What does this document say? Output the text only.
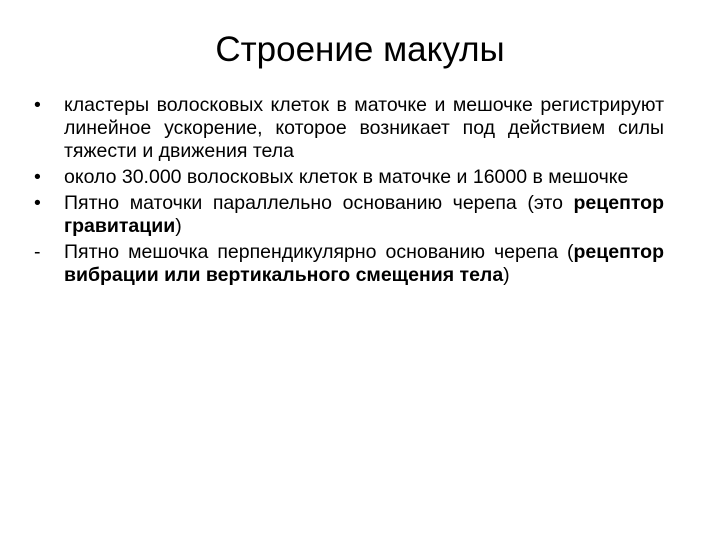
Строение макулы
•	кластеры волосковых клеток в маточке и мешочке регистрируют линейное ускорение, которое возникает под действием силы тяжести и движения тела
•	около 30.000 волосковых клеток в маточке и 16000 в мешочке
•	Пятно маточки параллельно основанию черепа (это рецептор гравитации)
-	Пятно мешочка перпендикулярно основанию черепа (рецептор вибрации или вертикального смещения тела)
